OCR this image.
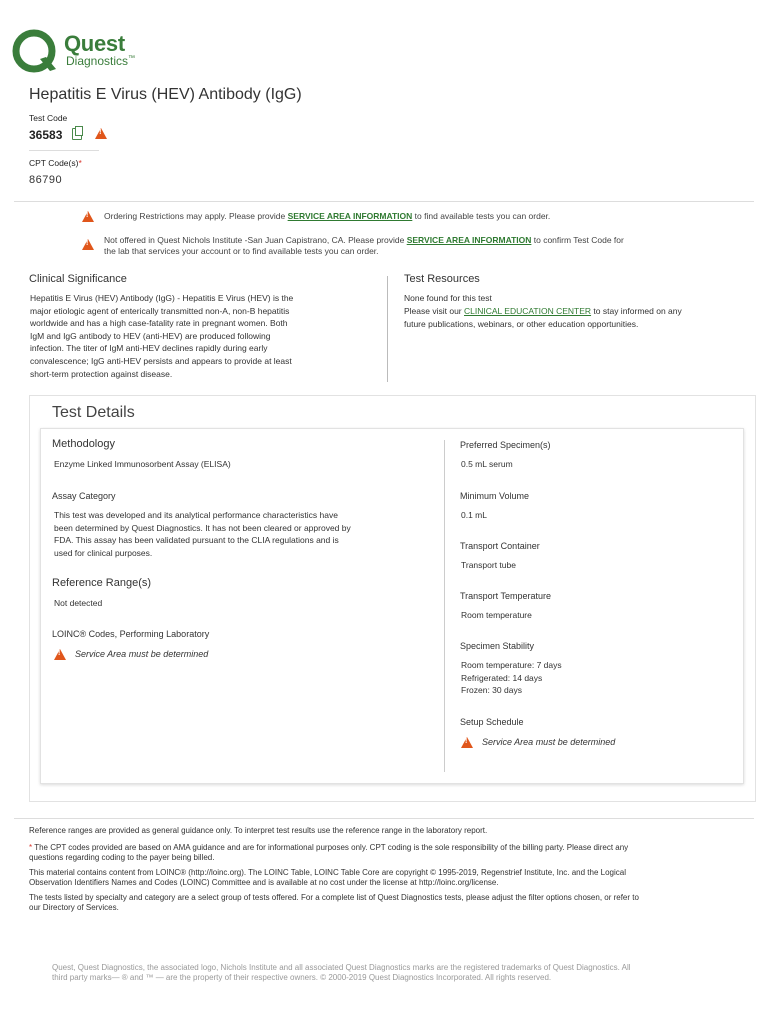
Quest
Diagnostics™
Hepatitis E Virus (HEV) Antibody (IgG)
Test Code
36583  !
CPT Code(s)*
86790
!
Ordering Restrictions may apply. Please provide SERVICE AREA INFORMATION to find available tests you can order.
!
Not offered in Quest Nichols Institute -San Juan Capistrano, CA. Please provide SERVICE AREA INFORMATION to confirm Test Code for
the lab that services your account or to find available tests you can order.
Clinical Significance
Hepatitis E Virus (HEV) Antibody (IgG) - Hepatitis E Virus (HEV) is the
major etiologic agent of enterically transmitted non-A, non-B hepatitis
worldwide and has a high case-fatality rate in pregnant women. Both
IgM and IgG antibody to HEV (anti-HEV) are produced following
infection. The titer of IgM anti-HEV declines rapidly during early
convalescence; IgG anti-HEV persists and appears to provide at least
short-term protection against disease.
Test Resources
None found for this test
Please visit our CLINICAL EDUCATION CENTER to stay informed on any
future publications, webinars, or other education opportunities.
Test Details
Methodology
Enzyme Linked Immunosorbent Assay (ELISA)
Assay Category
This test was developed and its analytical performance characteristics have
been determined by Quest Diagnostics. It has not been cleared or approved by
FDA. This assay has been validated pursuant to the CLIA regulations and is
used for clinical purposes.
Reference Range(s)
Not detected
LOINC® Codes, Performing Laboratory
!
Service Area must be determined
Preferred Specimen(s)
0.5 mL serum
Minimum Volume
0.1 mL
Transport Container
Transport tube
Transport Temperature
Room temperature
Specimen Stability
Room temperature: 7 days
Refrigerated: 14 days
Frozen: 30 days
Setup Schedule
!
Service Area must be determined
Reference ranges are provided as general guidance only. To interpret test results use the reference range in the laboratory report.
* The CPT codes provided are based on AMA guidance and are for informational purposes only. CPT coding is the sole responsibility of the billing party. Please direct any
questions regarding coding to the payer being billed.
This material contains content from LOINC® (http://loinc.org). The LOINC Table, LOINC Table Core are copyright © 1995-2019, Regenstrief Institute, Inc. and the Logical
Observation Identifiers Names and Codes (LOINC) Committee and is available at no cost under the license at http://loinc.org/license.
The tests listed by specialty and category are a select group of tests offered. For a complete list of Quest Diagnostics tests, please adjust the filter options chosen, or refer to
our Directory of Services.
Quest, Quest Diagnostics, the associated logo, Nichols Institute and all associated Quest Diagnostics marks are the registered trademarks of Quest Diagnostics. All
third party marks— ® and ™ — are the property of their respective owners. © 2000-2019 Quest Diagnostics Incorporated. All rights reserved.
